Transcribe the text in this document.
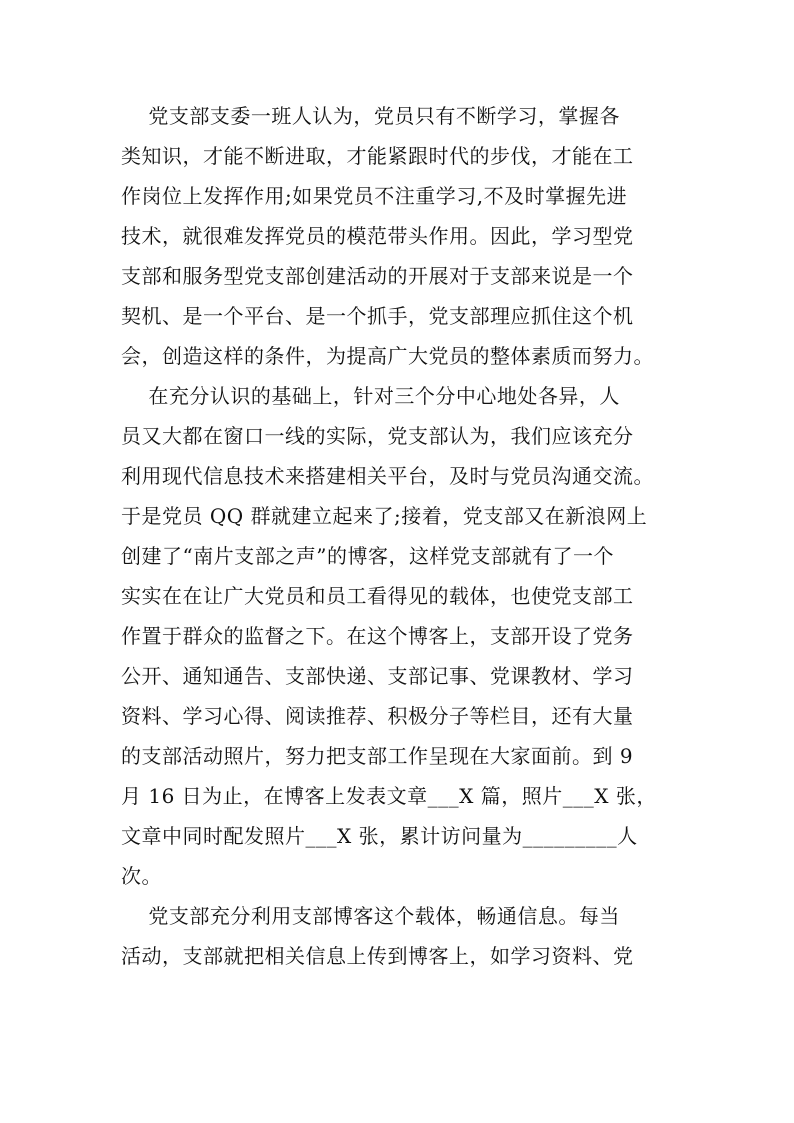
党支部支委一班人认为，党员只有不断学习，掌握各
类知识，才能不断进取，才能紧跟时代的步伐，才能在工
作岗位上发挥作用;如果党员不注重学习,不及时掌握先进
技术，就很难发挥党员的模范带头作用。因此，学习型党
支部和服务型党支部创建活动的开展对于支部来说是一个
契机、是一个平台、是一个抓手，党支部理应抓住这个机
会，创造这样的条件，为提高广大党员的整体素质而努力。
在充分认识的基础上，针对三个分中心地处各异，人
员又大都在窗口一线的实际，党支部认为，我们应该充分
利用现代信息技术来搭建相关平台，及时与党员沟通交流。
于是党员 QQ 群就建立起来了;接着，党支部又在新浪网上
创建了“南片支部之声”的博客，这样党支部就有了一个
实实在在让广大党员和员工看得见的载体，也使党支部工
作置于群众的监督之下。在这个博客上，支部开设了党务
公开、通知通告、支部快递、支部记事、党课教材、学习
资料、学习心得、阅读推荐、积极分子等栏目，还有大量
的支部活动照片，努力把支部工作呈现在大家面前。到 9
月 16 日为止，在博客上发表文章___X 篇，照片___X 张，
文章中同时配发照片___X 张，累计访问量为_________人
次。
党支部充分利用支部博客这个载体，畅通信息。每当
活动，支部就把相关信息上传到博客上，如学习资料、党
